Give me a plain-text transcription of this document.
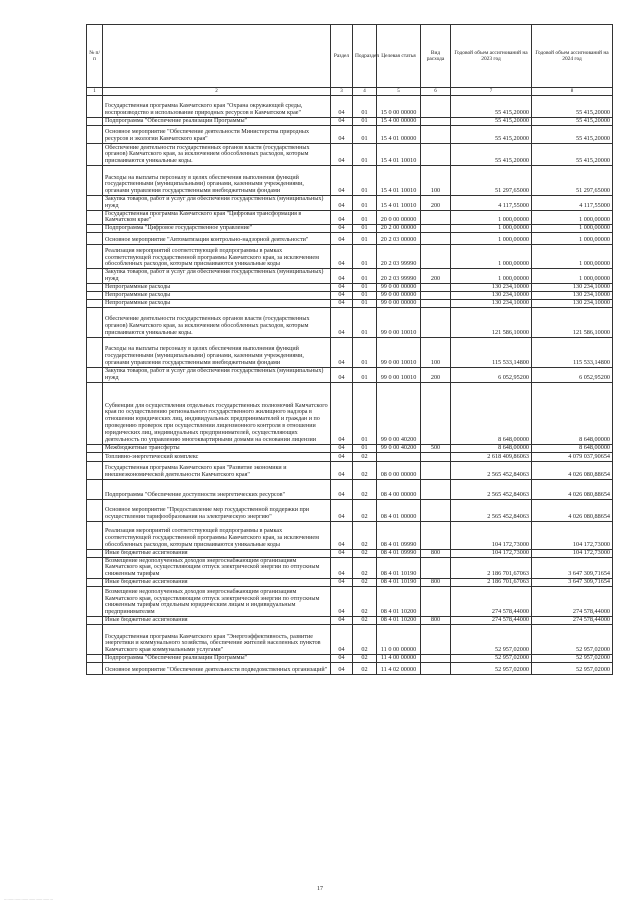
№ п/п		Раздел	Подраздел	Целевая статья	Вид расхода	Годовой объем ассигнований на 2023 год	Годовой объем ассигнований на 2024 год
1	2	3	4	5	6	7	8
	Государственная программа Камчатского края "Охрана окружающей среды, воспроизводство и использование природных ресурсов в Камчатском крае"	04	01	15 0 00 00000		55 415,20000	55 415,20000
	Подпрограмма "Обеспечение реализации Программы"	04	01	15 4 00 00000		55 415,20000	55 415,20000
	Основное мероприятие "Обеспечение деятельности Министерства природных ресурсов и экологии Камчатского края"	04	01	15 4 01 00000		55 415,20000	55 415,20000
	Обеспечение деятельности государственных органов власти (государственных органов) Камчатского края, за исключением обособленных расходов, которым присваиваются уникальные коды.	04	01	15 4 01 10010		55 415,20000	55 415,20000
	Расходы на выплаты персоналу в целях обеспечения выполнения функций государственными (муниципальными) органами, казенными учреждениями, органами управления государственными внебюджетными фондами	04	01	15 4 01 10010	100	51 297,65000	51 297,65000
	Закупка товаров, работ и услуг для обеспечения государственных (муниципальных) нужд	04	01	15 4 01 10010	200	4 117,55000	4 117,55000
	Государственная программа Камчатского края "Цифровая трансформация в Камчатском крае"	04	01	20 0 00 00000		1 000,00000	1 000,00000
	Подпрограмма "Цифровое государственное управление"	04	01	20 2 00 00000		1 000,00000	1 000,00000
	Основное мероприятие "Автоматизация контрольно-надзорной деятельности"	04	01	20 2 03 00000		1 000,00000	1 000,00000
	Реализация мероприятий соответствующей подпрограммы в рамках соответствующей государственной программы Камчатского края, за исключением обособленных расходов, которым присваиваются уникальные коды	04	01	20 2 03 99990		1 000,00000	1 000,00000
	Закупка товаров, работ и услуг для обеспечения государственных (муниципальных) нужд	04	01	20 2 03 99990	200	1 000,00000	1 000,00000
	Непрограммные расходы	04	01	99 0 00 00000		130 234,10000	130 234,10000
	Непрограммные расходы	04	01	99 0 00 00000		130 234,10000	130 234,10000
	Непрограммные расходы	04	01	99 0 00 00000		130 234,10000	130 234,10000
	Обеспечение деятельности государственных органов власти (государственных органов) Камчатского края, за исключением обособленных расходов, которым присваиваются уникальные коды.	04	01	99 0 00 10010		121 586,10000	121 586,10000
	Расходы на выплаты персоналу в целях обеспечения выполнения функций государственными (муниципальными) органами, казенными учреждениями, органами управления государственными внебюджетными фондами	04	01	99 0 00 10010	100	115 533,14800	115 533,14800
	Закупка товаров, работ и услуг для обеспечения государственных (муниципальных) нужд	04	01	99 0 00 10010	200	6 052,95200	6 052,95200
	Субвенции для осуществления отдельных государственных полномочий Камчатского края по осуществлению регионального государственного жилищного надзора в отношении юридических лиц, индивидуальных предпринимателей и граждан и по проведению проверок при осуществлении лицензионного контроля в отношении юридических лиц, индивидуальных предпринимателей, осуществляющих деятельность по управлению многоквартирными домами на основании лицензии	04	01	99 0 00 40200		8 648,00000	8 648,00000
	Межбюджетные трансферты	04	01	99 0 00 40200	500	8 648,00000	8 648,00000
	Топливно-энергетический комплекс	04	02			2 618 409,86063	4 079 037,90654
	Государственная программа Камчатского края "Развитие экономики и внешнеэкономической деятельности Камчатского края"	04	02	08 0 00 00000		2 565 452,84063	4 026 080,88654
	Подпрограмма "Обеспечение доступности энергетических ресурсов"	04	02	08 4 00 00000		2 565 452,84063	4 026 080,88654
	Основное мероприятие "Предоставление мер государственной поддержки при осуществлении тарифообразования на электрическую энергию"	04	02	08 4 01 00000		2 565 452,84063	4 026 080,88654
	Реализация мероприятий соответствующей подпрограммы в рамках соответствующей государственной программы Камчатского края, за исключением обособленных расходов, которым присваиваются уникальные коды	04	02	08 4 01 09990		104 172,73000	104 172,73000
	Иные бюджетные ассигнования	04	02	08 4 01 09990	800	104 172,73000	104 172,73000
	Возмещение недополученных доходов энергоснабжающим организациям Камчатского края, осуществляющим отпуск электрической энергии по отпускным сниженным тарифам	04	02	08 4 01 10190		2 186 701,67063	3 647 309,71654
	Иные бюджетные ассигнования	04	02	08 4 01 10190	800	2 186 701,67063	3 647 309,71654
	Возмещение недополученных доходов энергоснабжающим организациям Камчатского края, осуществляющим отпуск электрической энергии по отпускным сниженным тарифам отдельным юридическим лицам и индивидуальным предпринимателям	04	02	08 4 01 10200		274 578,44000	274 578,44000
	Иные бюджетные ассигнования	04	02	08 4 01 10200	800	274 578,44000	274 578,44000
	Государственная программа Камчатского края "Энергоэффективность, развитие энергетики и коммунального хозяйства, обеспечение жителей населенных пунктов Камчатского края коммунальными услугами"	04	02	11 0 00 00000		52 957,02000	52 957,02000
	Подпрограмма "Обеспечение реализации Программы"	04	02	11 4 00 00000		52 957,02000	52 957,02000
	Основное мероприятие "Обеспечение деятельности подведомственных организаций"	04	02	11 4 02 00000		52 957,02000	52 957,02000
17
··········································
